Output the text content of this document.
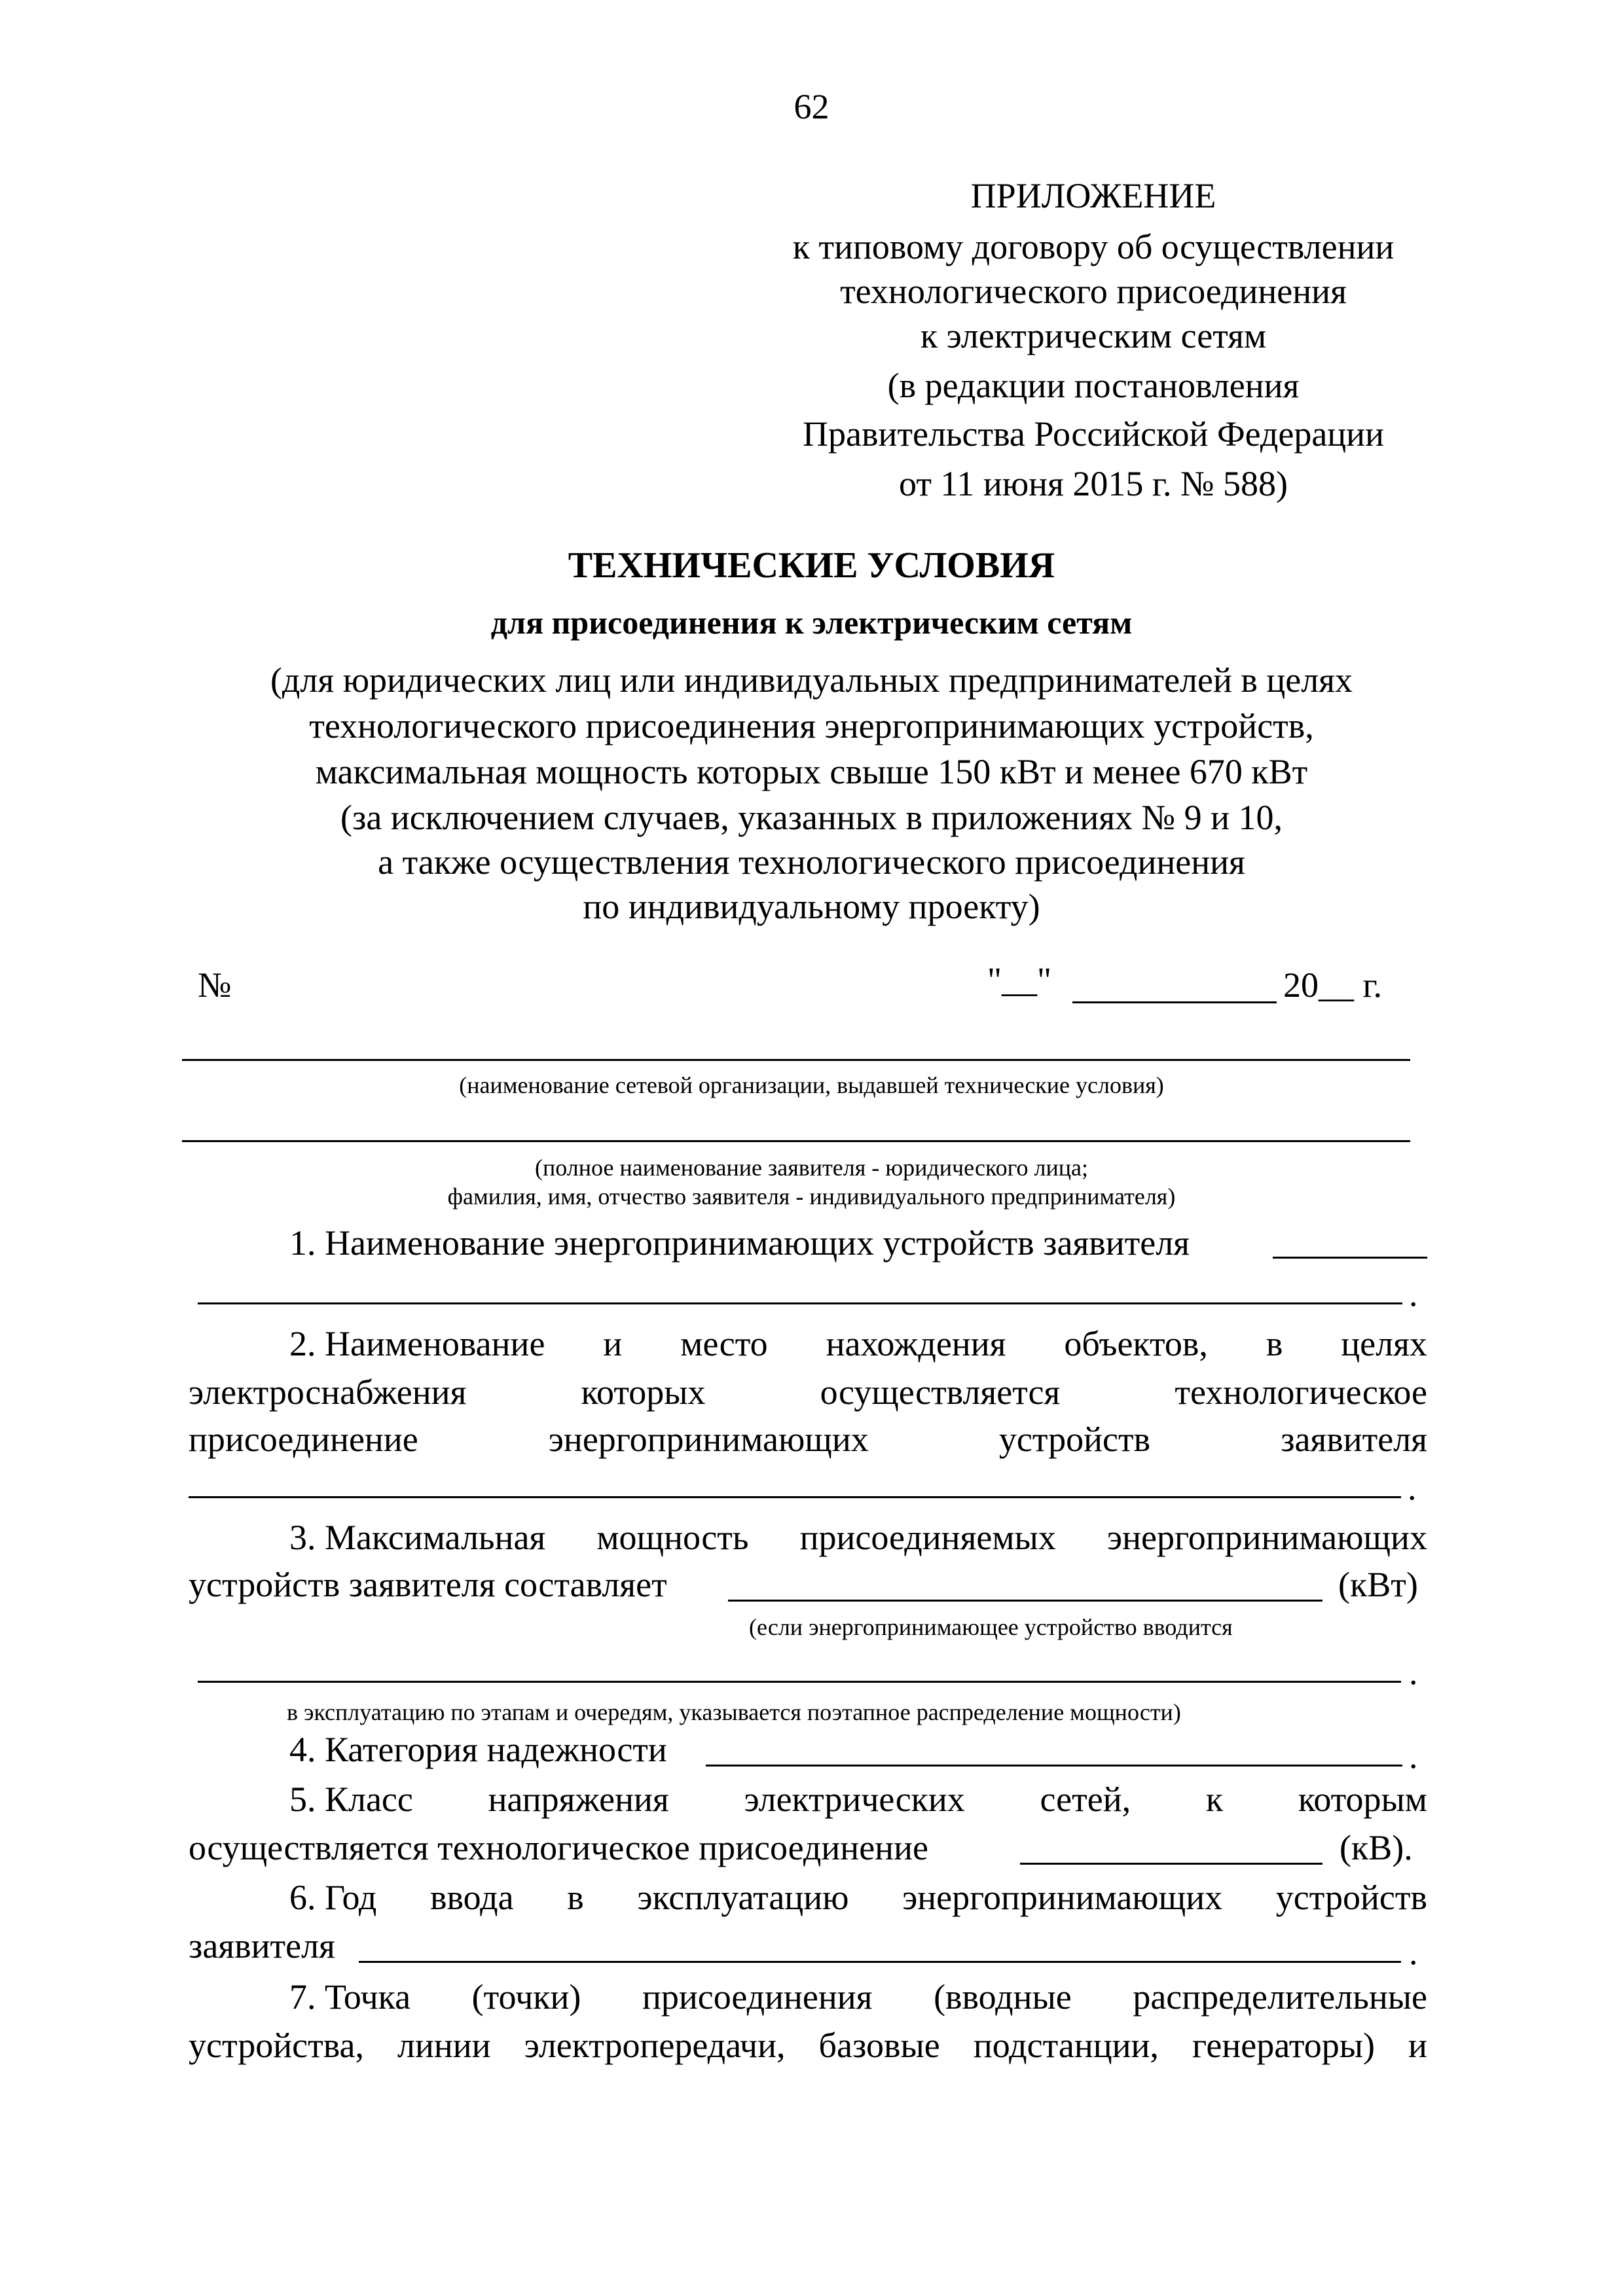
62
ПРИЛОЖЕНИЕ
к типовому договору об осуществлении
технологического присоединения
к электрическим сетям
(в редакции постановления
Правительства Российской Федерации
от 11 июня 2015 г. № 588)
ТЕХНИЧЕСКИЕ УСЛОВИЯ
для присоединения к электрическим сетям
(для юридических лиц или индивидуальных предпринимателей в целях
технологического присоединения энергопринимающих устройств,
максимальная мощность которых свыше 150 кВт и менее 670 кВт
(за исключением случаев, указанных в приложениях № 9 и 10,
а также осуществления технологического присоединения
по индивидуальному проекту)
№	"__"	20__ г.
(наименование сетевой организации, выдавшей технические условия)
(полное наименование заявителя - юридического лица;
фамилия, имя, отчество заявителя - индивидуального предпринимателя)
1. Наименование энергопринимающих устройств заявителя
.
2. Наименование и место нахождения объектов, в целях
электроснабжения	которых	осуществляется	технологическое
присоединение	энергопринимающих	устройств	заявителя
.
3. Максимальная мощность присоединяемых энергопринимающих
устройств заявителя составляет	(кВт)
(если энергопринимающее устройство вводится
.
в эксплуатацию по этапам и очередям, указывается поэтапное распределение мощности)
4. Категория надежности	.
5. Класс напряжения электрических сетей, к которым
осуществляется технологическое присоединение	(кВ).
6. Год ввода в эксплуатацию энергопринимающих устройств
заявителя	.
7. Точка (точки) присоединения (вводные распределительные
устройства, линии электропередачи, базовые подстанции, генераторы) и
